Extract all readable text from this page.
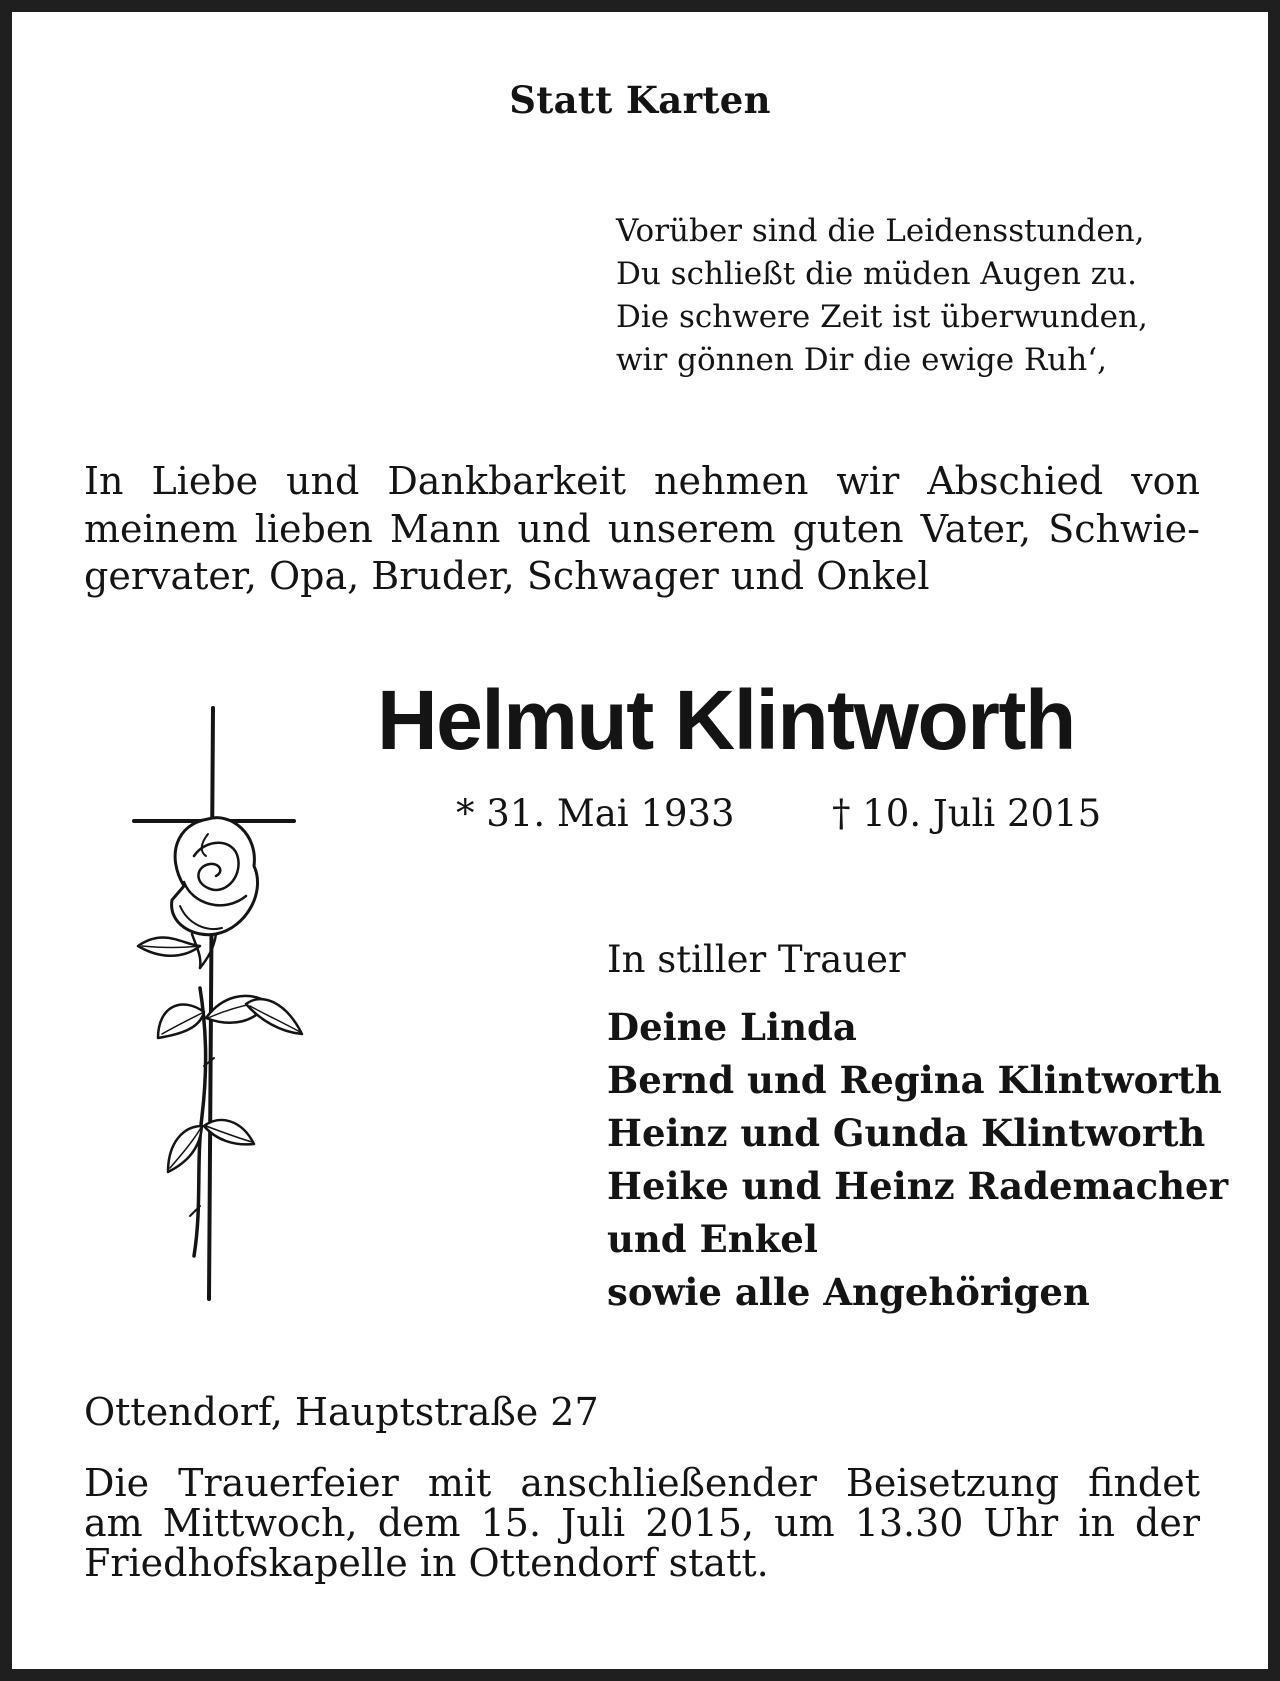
Statt Karten
Vorüber sind die Leidensstunden,
Du schließt die müden Augen zu.
Die schwere Zeit ist überwunden,
wir gönnen Dir die ewige Ruh‘,
In Liebe und Dankbarkeit nehmen wir Abschied von
meinem lieben Mann und unserem guten Vater, Schwie-
gervater, Opa, Bruder, Schwager und Onkel
Helmut Klintworth
* 31. Mai 1933	† 10. Juli 2015
In stiller Trauer
Deine Linda
Bernd und Regina Klintworth
Heinz und Gunda Klintworth
Heike und Heinz Rademacher
und Enkel
sowie alle Angehörigen
Ottendorf, Hauptstraße 27
Die Trauerfeier mit anschließender Beisetzung findet
am Mittwoch, dem 15. Juli 2015, um 13.30 Uhr in der
Friedhofskapelle in Ottendorf statt.
